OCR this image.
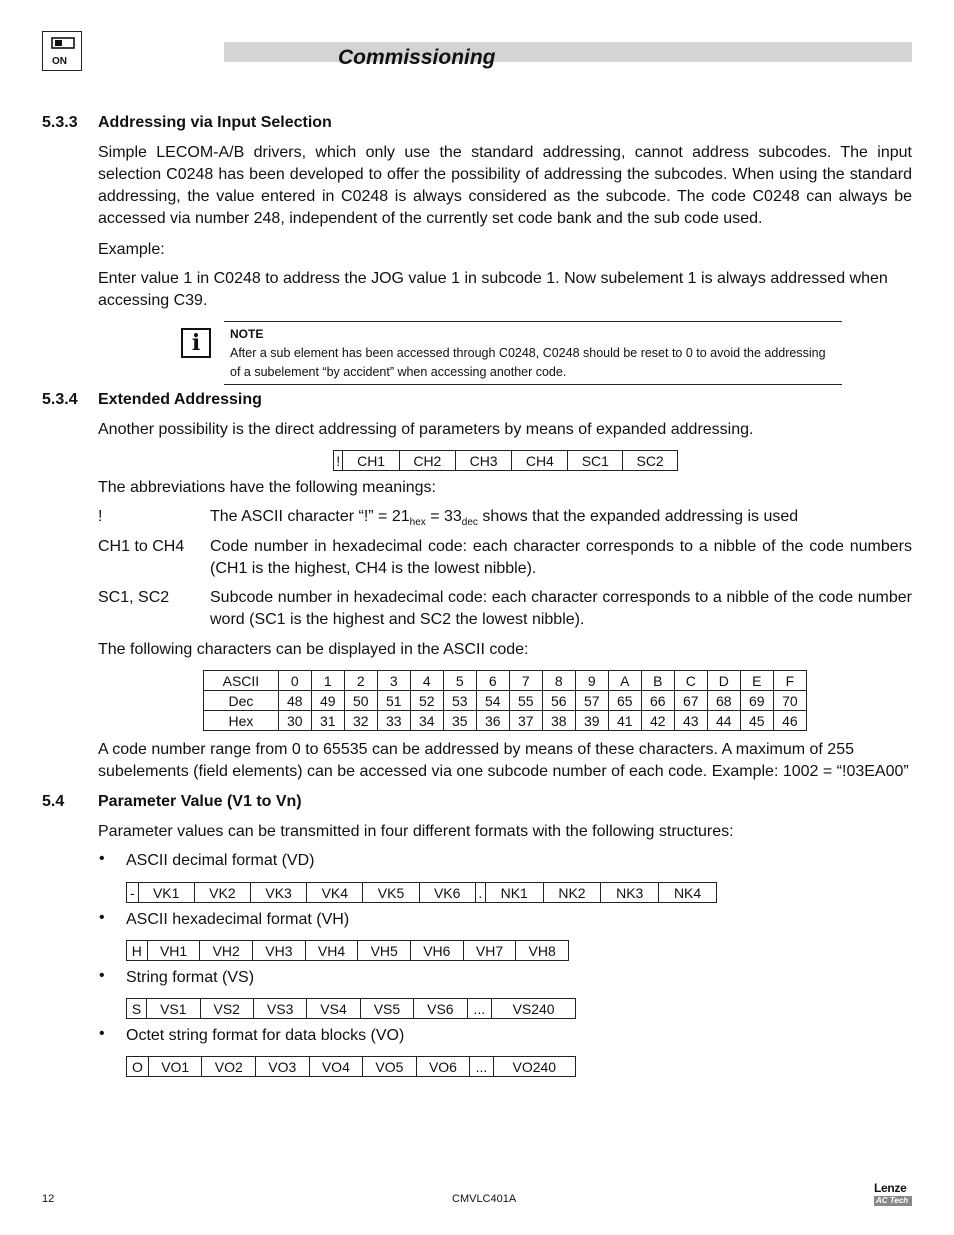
ON	Commissioning
5.3.3 Addressing via Input Selection
Simple LECOM-A/B drivers, which only use the standard addressing, cannot address subcodes. The input selection C0248 has been developed to offer the possibility of addressing the subcodes. When using the standard addressing, the value entered in C0248 is always considered as the subcode. The code C0248 can always be accessed via number 248, independent of the currently set code bank and the sub code used.
Example:
Enter value 1 in C0248 to address the JOG value 1 in subcode 1. Now subelement 1 is always addressed when accessing C39.
i	NOTE
After a sub element has been accessed through C0248, C0248 should be reset to 0 to avoid the addressing of a subelement “by accident” when accessing another code.
5.3.4 Extended Addressing
Another possibility is the direct addressing of parameters by means of expanded addressing.
!	CH1	CH2	CH3	CH4	SC1	SC2
The abbreviations have the following meanings:
!	The ASCII character “!” = $21_{hex} = 33_{dec}$ shows that the expanded addressing is used
CH1 to CH4 Code number in hexadecimal code: each character corresponds to a nibble of the code numbers (CH1 is the highest, CH4 is the lowest nibble).
SC1, SC2	Subcode number in hexadecimal code: each character corresponds to a nibble of the code number word (SC1 is the highest and SC2 the lowest nibble).
The following characters can be displayed in the ASCII code:
ASCII	0	1	2	3	4	5	6	7	8	9	A	B	C	D	E	F
Dec	48	49	50	51	52	53	54	55	56	57	65	66	67	68	69	70
Hex	30	31	32	33	34	35	36	37	38	39	41	42	43	44	45	46
A code number range from 0 to 65535 can be addressed by means of these characters. A maximum of 255 subelements (field elements) can be accessed via one subcode number of each code. Example: 1002 = “!03EA00”
5.4 Parameter Value (V1 to Vn)
Parameter values can be transmitted in four different formats with the following structures:
• ASCII decimal format (VD)
-	VK1	VK2	VK3	VK4	VK5	VK6	.	NK1	NK2	NK3	NK4
• ASCII hexadecimal format (VH)
H	VH1	VH2	VH3	VH4	VH5	VH6	VH7	VH8
• String format (VS)
S	VS1	VS2	VS3	VS4	VS5	VS6	...	VS240
• Octet string format for data blocks (VO)
O	VO1	VO2	VO3	VO4	VO5	VO6	...	VO240
12	CMVLC401A
Lenze
AC Tech
